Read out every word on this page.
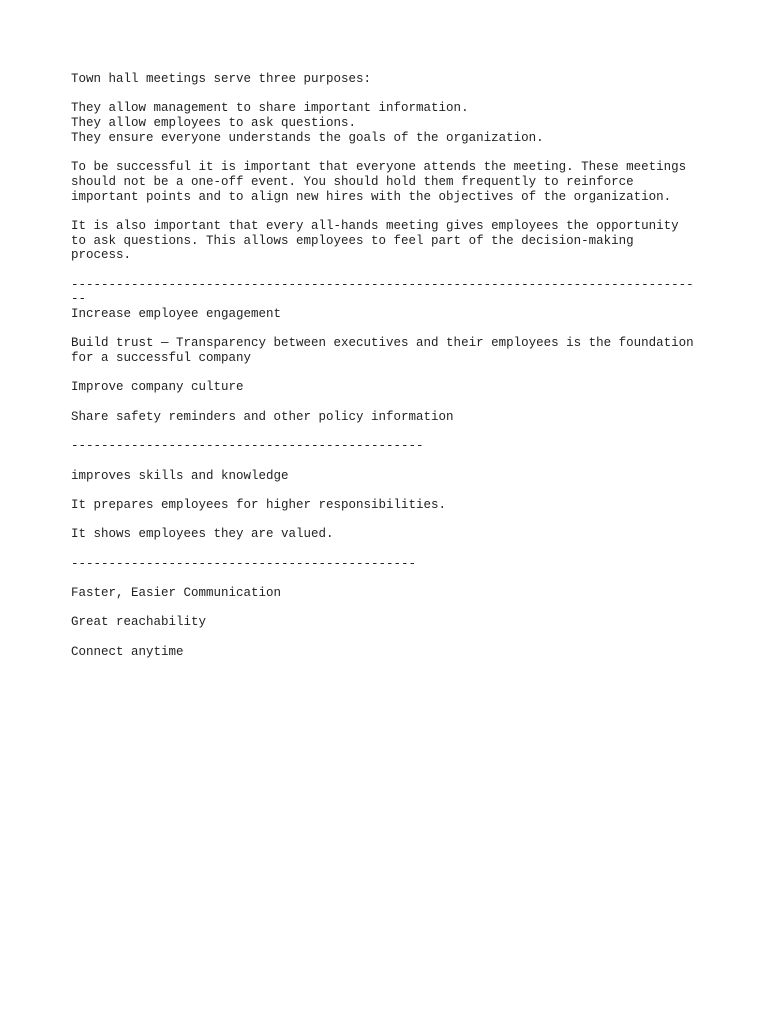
Town hall meetings serve three purposes:
They allow management to share important information.
They allow employees to ask questions.
They ensure everyone understands the goals of the organization.
To be successful it is important that everyone attends the meeting. These meetings
should not be a one-off event. You should hold them frequently to reinforce
important points and to align new hires with the objectives of the organization.
It is also important that every all-hands meeting gives employees the opportunity
to ask questions. This allows employees to feel part of the decision-making
process.
-----------------------------------------------------------------------------------
--
Increase employee engagement
Build trust — Transparency between executives and their employees is the foundation
for a successful company
Improve company culture
Share safety reminders and other policy information
-----------------------------------------------
improves skills and knowledge
It prepares employees for higher responsibilities.
It shows employees they are valued.
----------------------------------------------
Faster, Easier Communication
Great reachability
Connect anytime
